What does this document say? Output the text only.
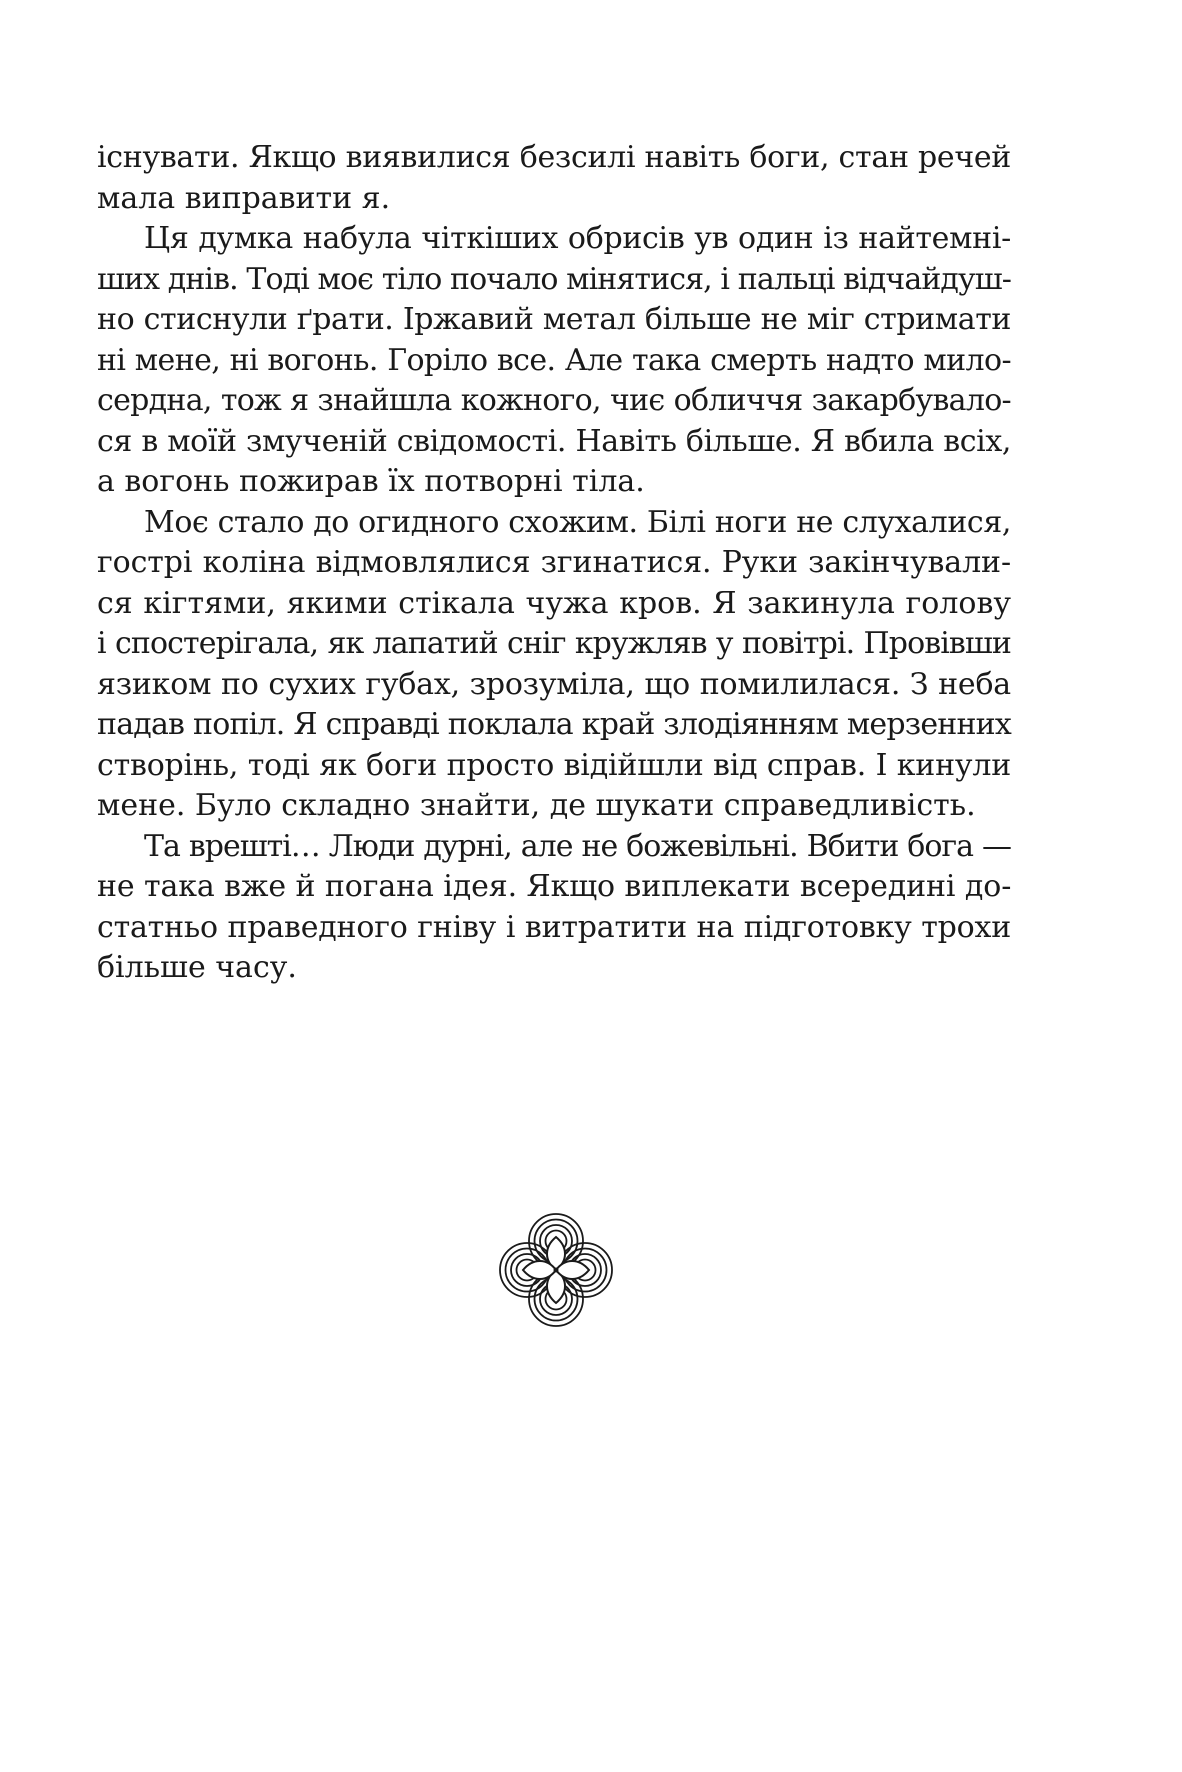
існувати. Якщо виявилися безсилі навіть боги, стан речей
мала виправити я.
Ця думка набула чіткіших обрисів ув один із найтемні-
ших днів. Тоді моє тіло почало мінятися, і пальці відчайдуш-
но стиснули ґрати. Іржавий метал більше не міг стримати
ні мене, ні вогонь. Горіло все. Але така смерть надто мило-
сердна, тож я знайшла кожного, чиє обличчя закарбувало-
ся в моїй змученій свідомості. Навіть більше. Я вбила всіх,
а вогонь пожирав їх потворні тіла.
Моє стало до огидного схожим. Білі ноги не слухалися,
гострі коліна відмовлялися згинатися. Руки закінчували-
ся кігтями, якими стікала чужа кров. Я закинула голову
і спостерігала, як лапатий сніг кружляв у повітрі. Провівши
язиком по сухих губах, зрозуміла, що помилилася. З неба
падав попіл. Я справді поклала край злодіянням мерзенних
створінь, тоді як боги просто відійшли від справ. І кинули
мене. Було складно знайти, де шукати справедливість.
Та врешті… Люди дурні, але не божевільні. Вбити бога —
не така вже й погана ідея. Якщо виплекати всередині до-
статньо праведного гніву і витратити на підготовку трохи
більше часу.
